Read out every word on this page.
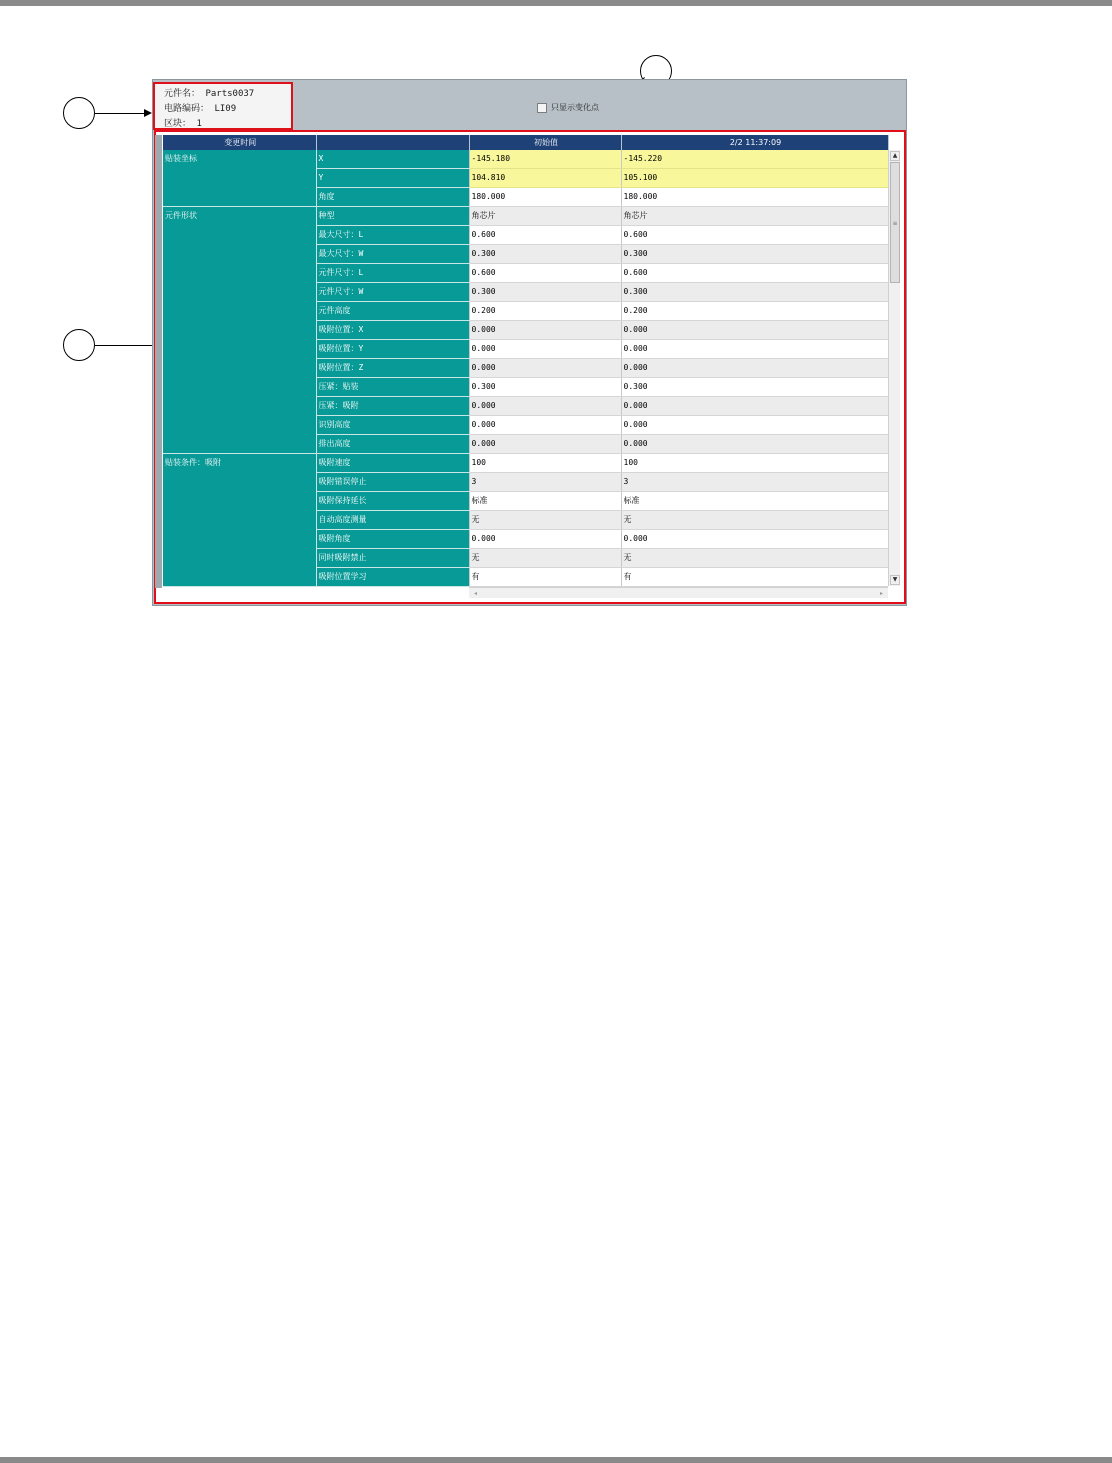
元件名： Parts0037
电路编码： LI09
区块： 1
只显示变化点
变更时间		初始值	2/2 11:37:09
贴装坐标	X	-145.180	-145.220
	Y	104.810	105.100
	角度	180.000	180.000
元件形状	种型	角芯片	角芯片
	最大尺寸：L	0.600	0.600
	最大尺寸：W	0.300	0.300
	元件尺寸：L	0.600	0.600
	元件尺寸：W	0.300	0.300
	元件高度	0.200	0.200
	吸附位置：X	0.000	0.000
	吸附位置：Y	0.000	0.000
	吸附位置：Z	0.000	0.000
	压紧：贴装	0.300	0.300
	压紧：吸附	0.000	0.000
	识别高度	0.000	0.000
	排出高度	0.000	0.000
贴装条件：吸附	吸附速度	100	100
	吸附错误停止	3	3
	吸附保持延长	标准	标准
	自动高度测量	无	无
	吸附角度	0.000	0.000
	同时吸附禁止	无	无
	吸附位置学习	有	有
▲
≡
▼
◂	▸
